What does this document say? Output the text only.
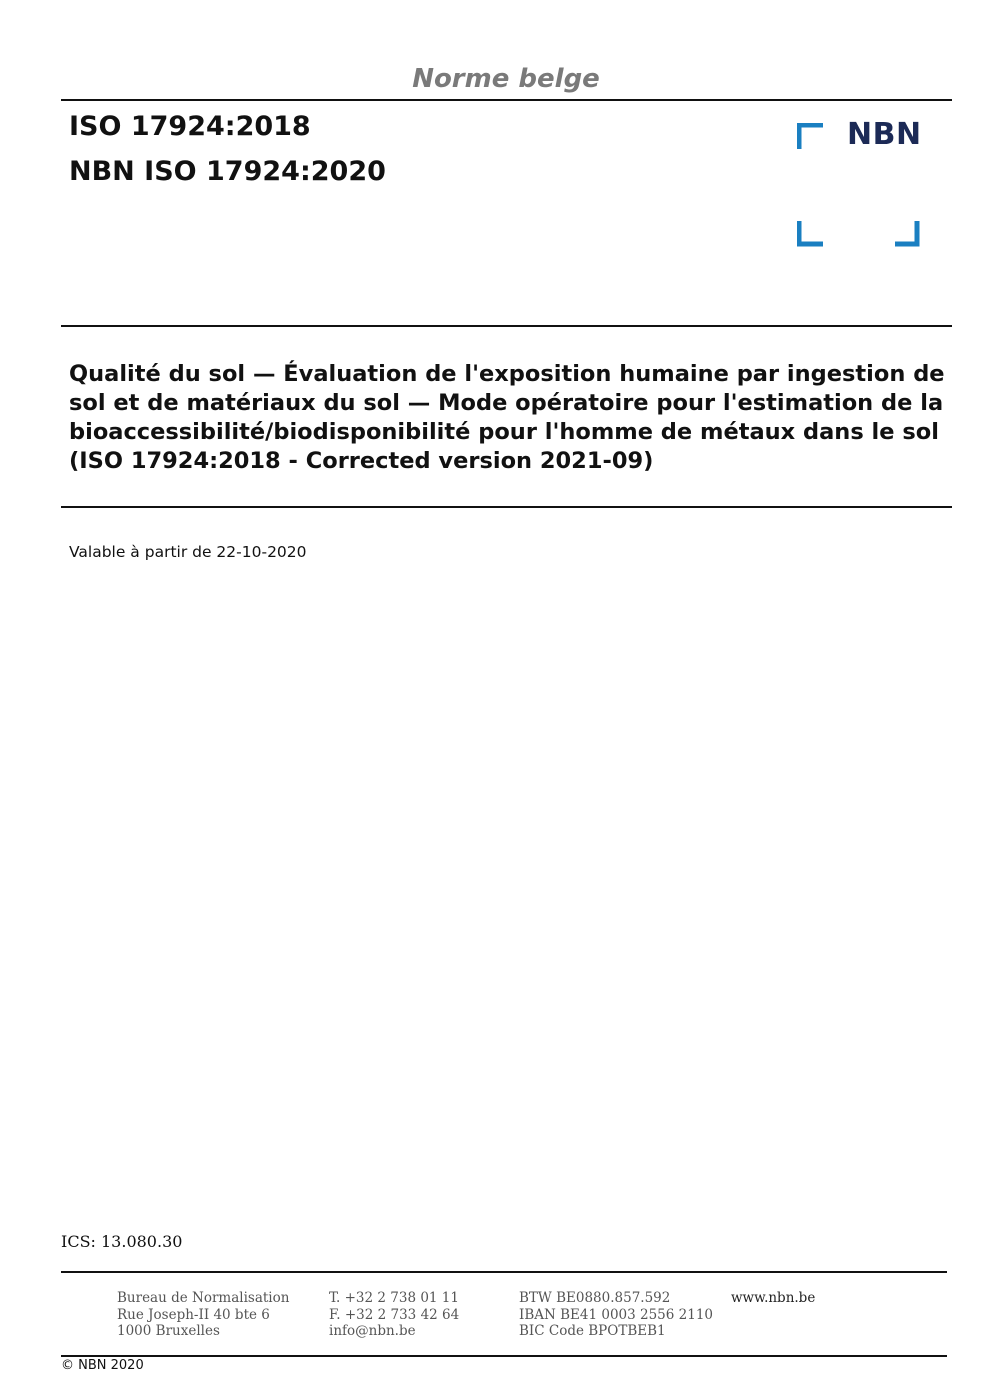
Norme belge
ISO 17924:2018
NBN ISO 17924:2020
NBN
Qualité du sol — Évaluation de l'exposition humaine par ingestion de sol et de matériaux du sol — Mode opératoire pour l'estimation de la bioaccessibilité/biodisponibilité pour l'homme de métaux dans le sol (ISO 17924:2018 - Corrected version 2021-09)
Valable à partir de 22-10-2020
ICS: 13.080.30
Bureau de Normalisation
Rue Joseph-II 40 bte 6
1000 Bruxelles
T. +32 2 738 01 11
F. +32 2 733 42 64
info@nbn.be
BTW BE0880.857.592
IBAN BE41 0003 2556 2110
BIC Code BPOTBEB1
www.nbn.be
© NBN 2020
